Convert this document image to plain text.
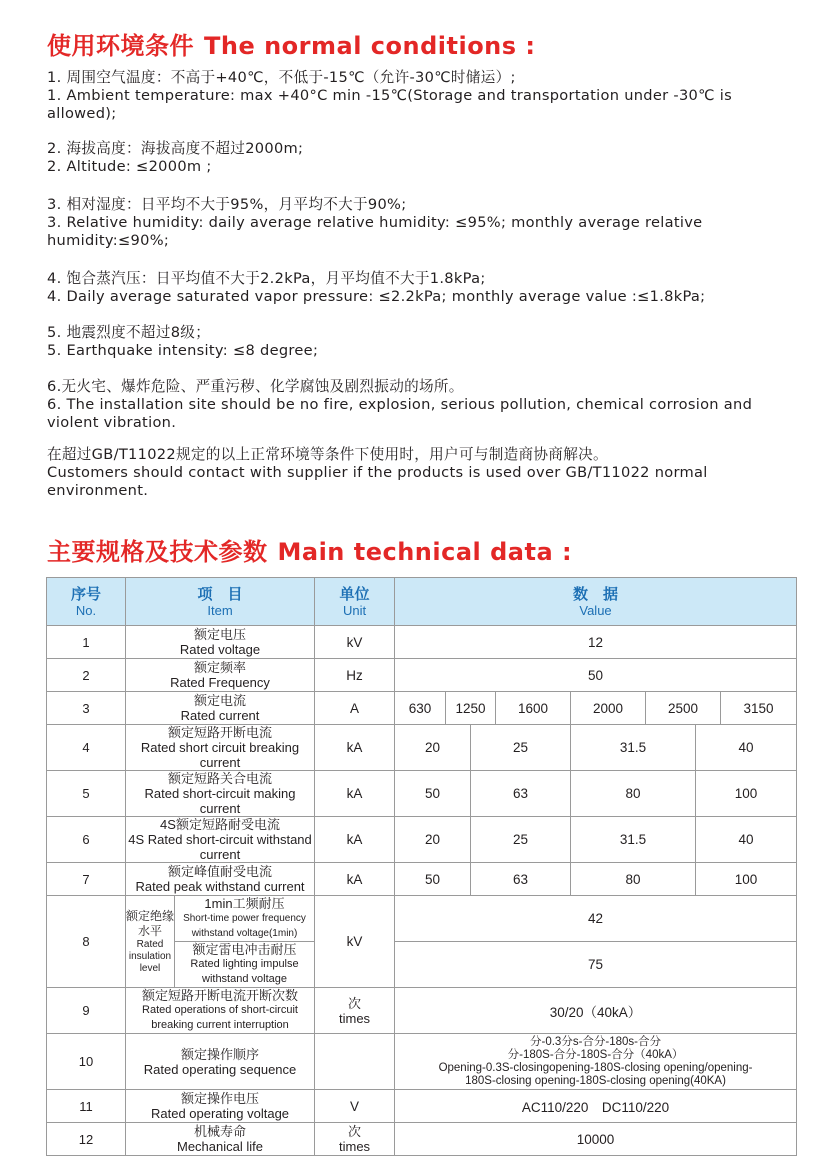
使用环境条件 The normal conditions :
1. 周围空气温度：不高于+40℃，不低于-15℃（允许-30℃时储运）;
1. Ambient temperature: max +40°C min -15℃(Storage and transportation under -30℃ is allowed);
2. 海拔高度：海拔高度不超过2000m;
2. Altitude: ≤2000m ;
3. 相对湿度：日平均不大于95%，月平均不大于90%;
3. Relative humidity: daily average relative humidity: ≤95%; monthly average relative humidity:≤90%;
4. 饱合蒸汽压：日平均值不大于2.2kPa，月平均值不大于1.8kPa;
4. Daily average saturated vapor pressure: ≤2.2kPa; monthly average value :≤1.8kPa;
5. 地震烈度不超过8级；
5. Earthquake intensity: ≤8 degree;
6.无火宅、爆炸危险、严重污秽、化学腐蚀及剧烈振动的场所。
6. The installation site should be no fire, explosion, serious pollution, chemical corrosion and violent vibration.
在超过GB/T11022规定的以上正常环境等条件下使用时，用户可与制造商协商解决。
Customers should contact with supplier if the products is used over GB/T11022 normal environment.
主要规格及技术参数 Main technical data :
序号
No.	项　目
Item		单位
Unit	数　据
Value							

1	额定电压
Rated voltage		kV	12							
2	额定频率
Rated Frequency		Hz	50							
3	额定电流
Rated current		A	630	1250		1600	2000	2500		3150
4	额定短路开断电流
Rated short circuit breaking current		kA	20		25		31.5		40	
5	额定短路关合电流
Rated short-circuit making current		kA	50		63		80		100	
6	4S额定短路耐受电流
4S Rated short-circuit withstand current		kA	20		25		31.5		40	
7	额定峰值耐受电流
Rated peak withstand current		kA	50		63		80		100	
8	额定绝缘水平
Rated insulation level	1min工频耐压
Short-time power frequency withstand voltage(1min)	kV	42							

		额定雷电冲击耐压
Rated lighting impulse withstand voltage		75							
9	额定短路开断电流开断次数
Rated operations of short-circuit breaking current interruption		次
times	30/20（40kA）							
10	额定操作顺序
Rated operating sequence			分-0.3分s-合分-180s-合分
分-180S-合分-180S-合分（40kA）
Opening-0.3S-closingopening-180S-closing opening/opening-
180S-closing opening-180S-closing opening(40KA)							

11	额定操作电压
Rated operating voltage		V	AC110/220　DC110/220							
12	机械寿命
Mechanical life		次
times	10000							
